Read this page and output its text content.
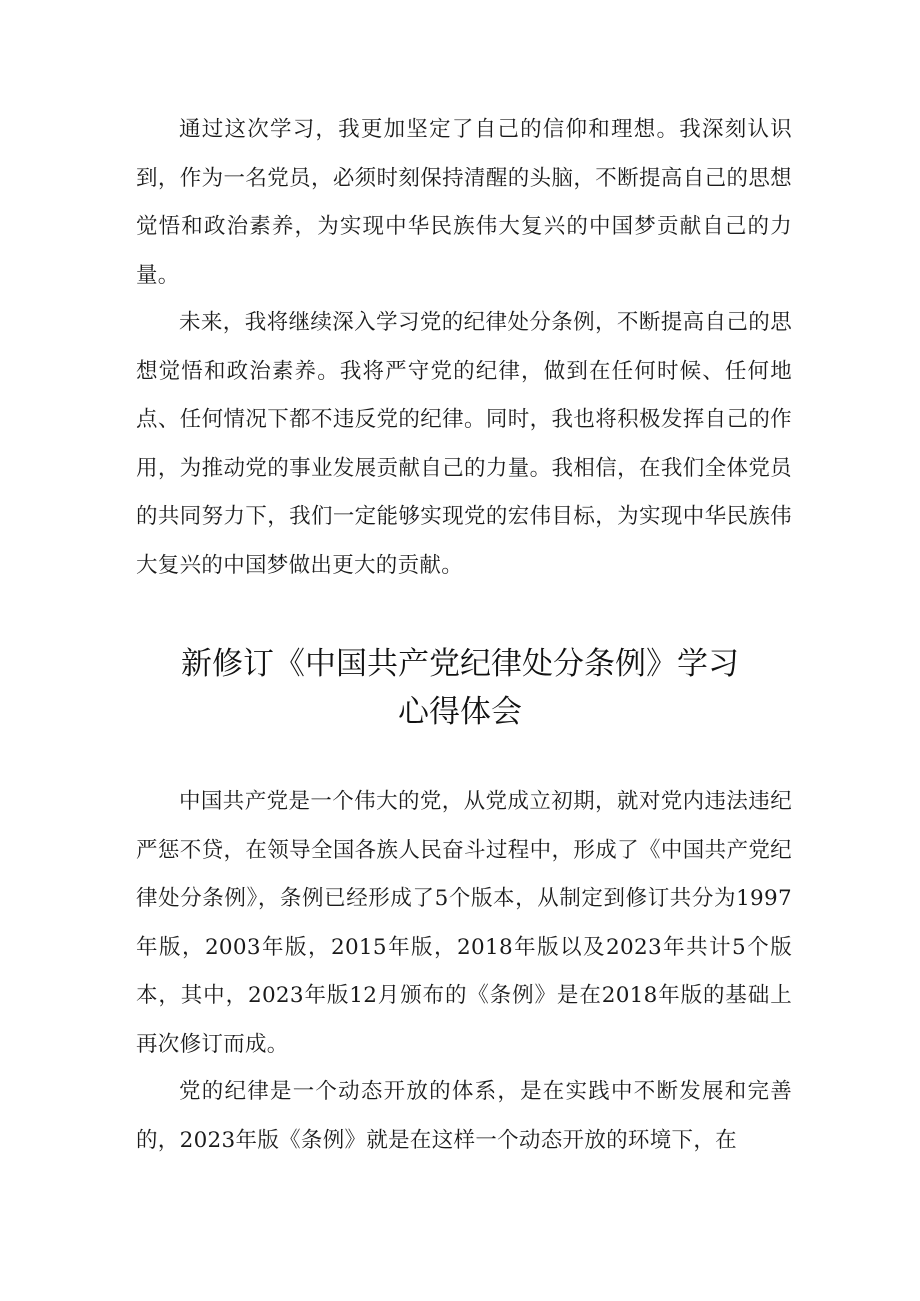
通过这次学习，我更加坚定了自己的信仰和理想。我深刻认识到，作为一名党员，必须时刻保持清醒的头脑，不断提高自己的思想觉悟和政治素养，为实现中华民族伟大复兴的中国梦贡献自己的力量。

未来，我将继续深入学习党的纪律处分条例，不断提高自己的思想觉悟和政治素养。我将严守党的纪律，做到在任何时候、任何地点、任何情况下都不违反党的纪律。同时，我也将积极发挥自己的作用，为推动党的事业发展贡献自己的力量。我相信，在我们全体党员的共同努力下，我们一定能够实现党的宏伟目标，为实现中华民族伟大复兴的中国梦做出更大的贡献。

新修订《中国共产党纪律处分条例》学习
心得体会

中国共产党是一个伟大的党，从党成立初期，就对党内违法违纪严惩不贷，在领导全国各族人民奋斗过程中，形成了《中国共产党纪律处分条例》，条例已经形成了5个版本，从制定到修订共分为1997年版，2003年版，2015年版，2018年版以及2023年共计5个版本，其中，2023年版12月颁布的《条例》是在2018年版的基础上再次修订而成。

党的纪律是一个动态开放的体系，是在实践中不断发展和完善的，2023年版《条例》就是在这样一个动态开放的环境下，在
